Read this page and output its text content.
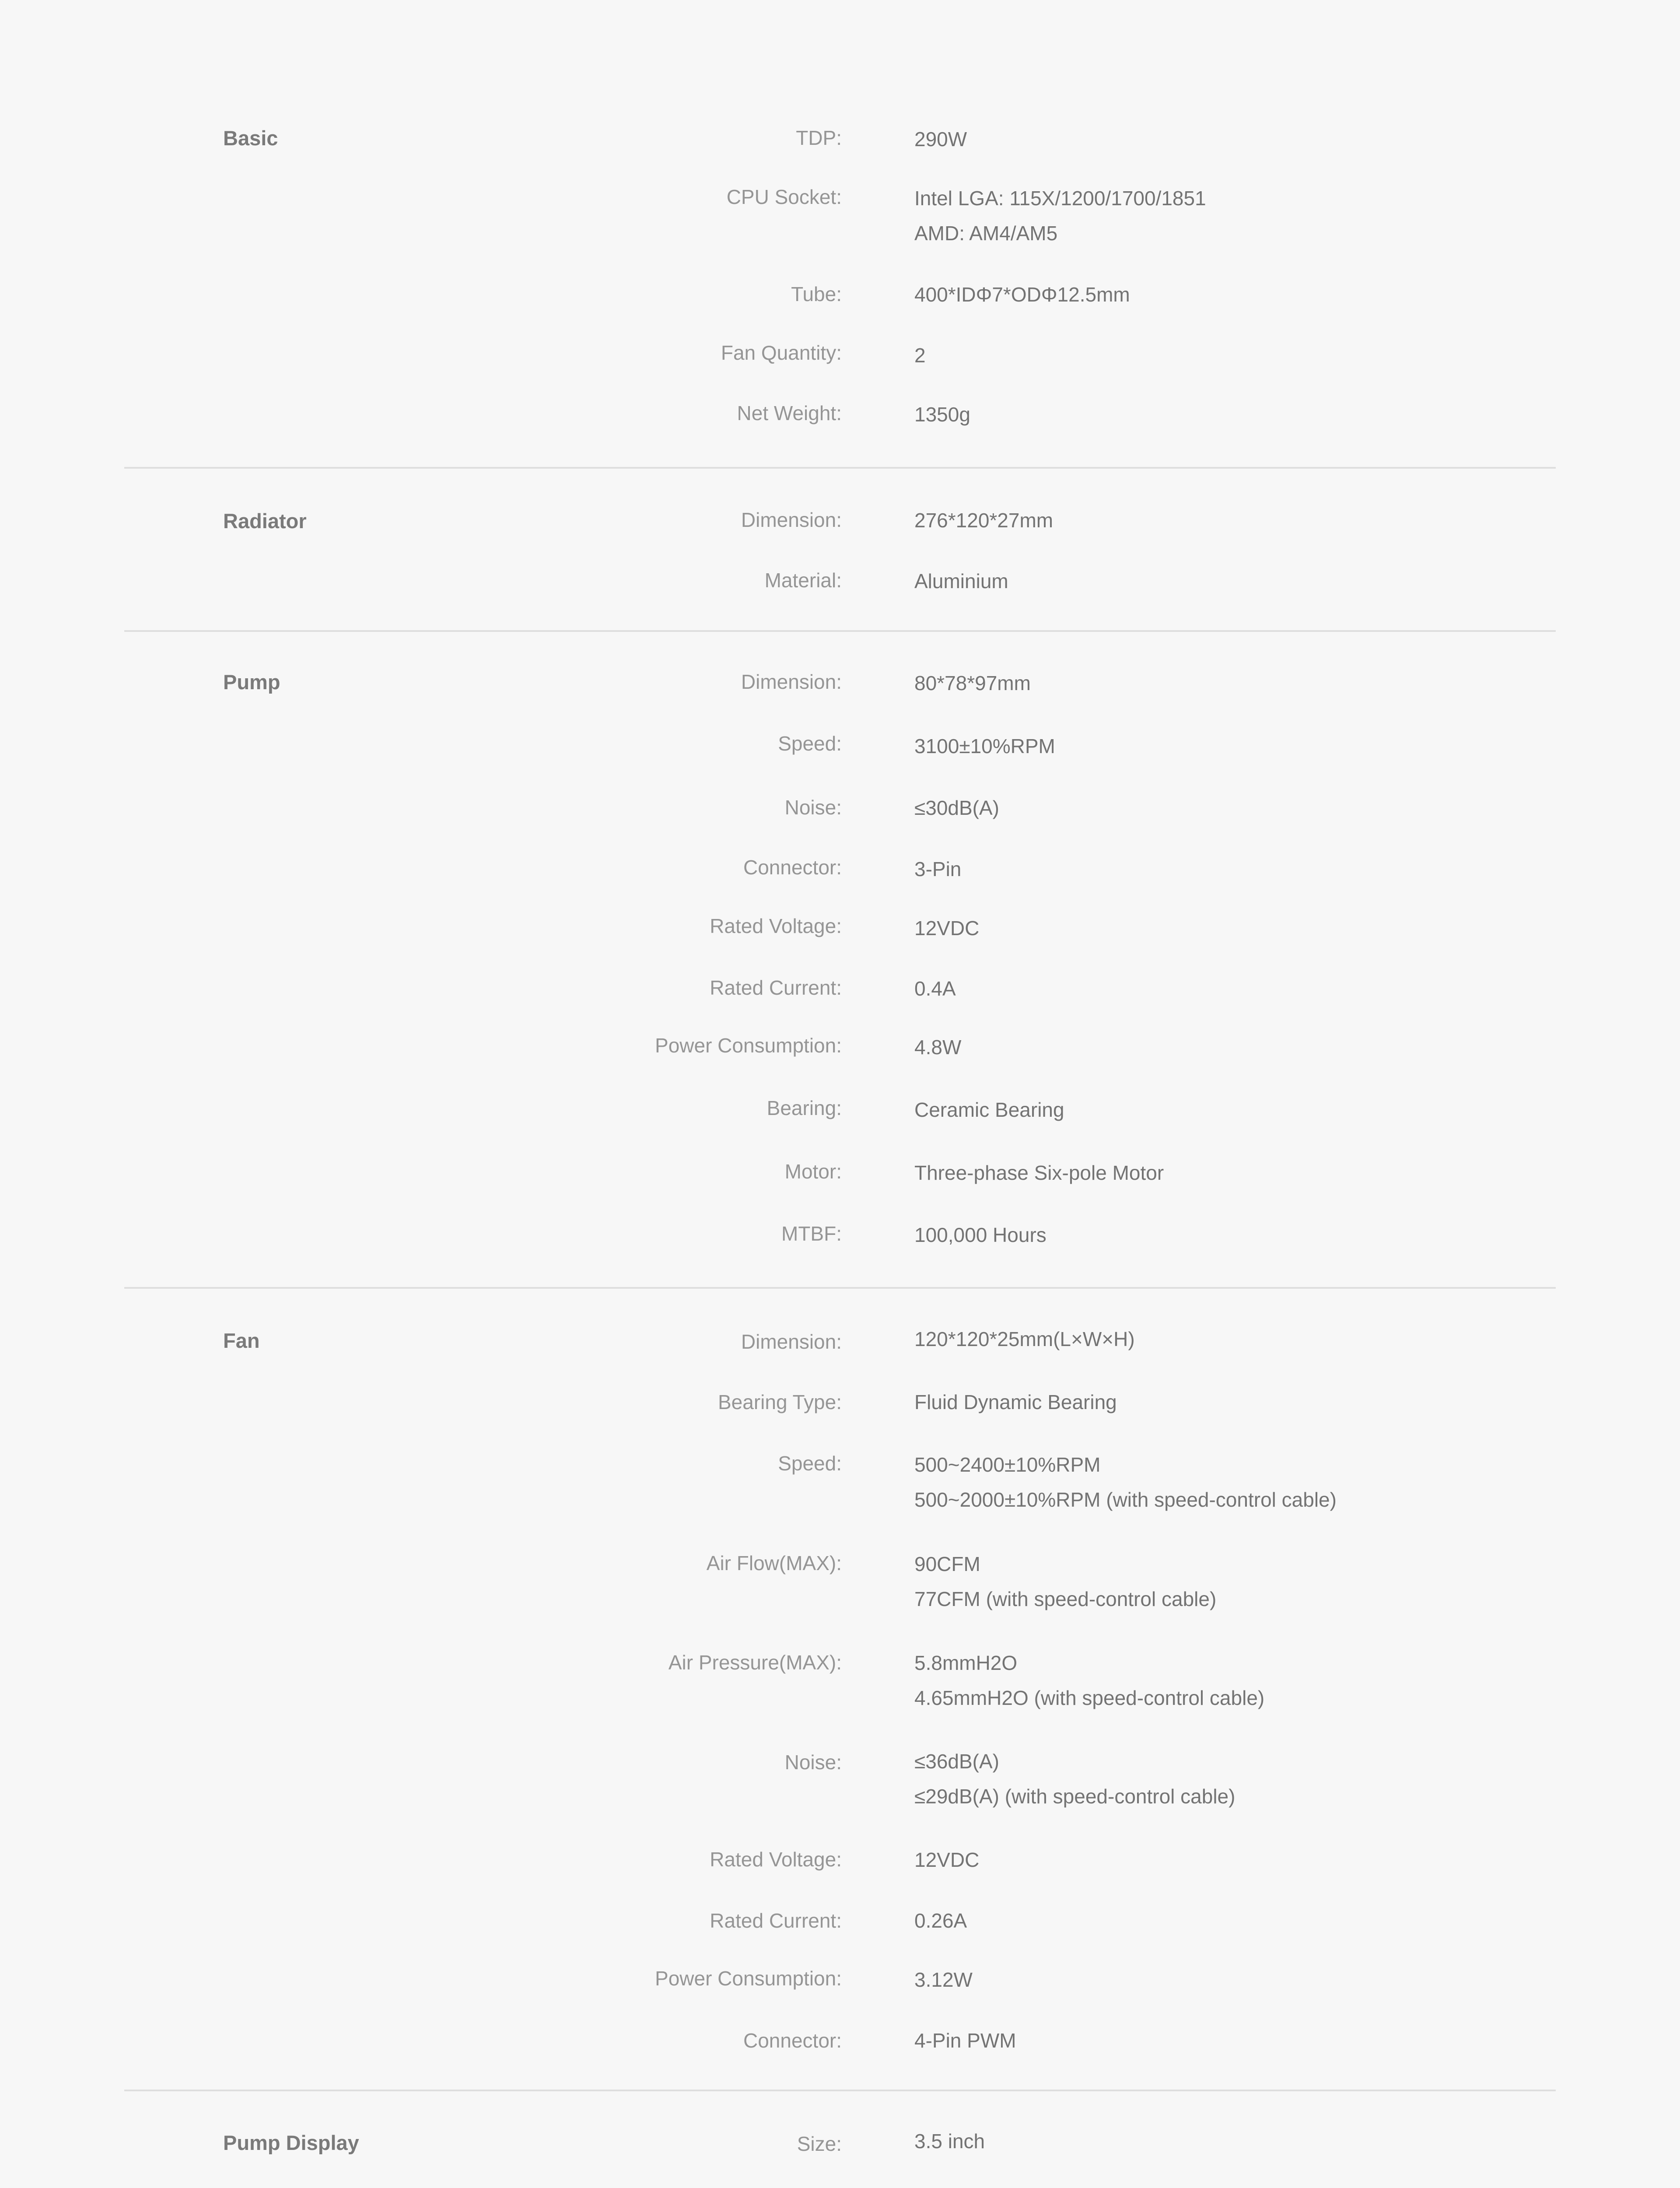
Basic	TDP:	290W
CPU Socket:	Intel LGA: 115X/1200/1700/1851
AMD: AM4/AM5
Tube:	400*IDΦ7*ODΦ12.5mm
Fan Quantity:	2
Net Weight:	1350g
Radiator	Dimension:	276*120*27mm
Material:	Aluminium
Pump	Dimension:	80*78*97mm
Speed:	3100±10%RPM
Noise:	≤30dB(A)
Connector:	3-Pin
Rated Voltage:	12VDC
Rated Current:	0.4A
Power Consumption:	4.8W
Bearing:	Ceramic Bearing
Motor:	Three-phase Six-pole Motor
MTBF:	100,000 Hours
Fan	Dimension:	120*120*25mm(L×W×H)
Bearing Type:	Fluid Dynamic Bearing
Speed:	500~2400±10%RPM
500~2000±10%RPM (with speed-control cable)
Air Flow(MAX):	90CFM
77CFM (with speed-control cable)
Air Pressure(MAX):	5.8mmH2O
4.65mmH2O (with speed-control cable)
Noise:	≤36dB(A)
≤29dB(A) (with speed-control cable)
Rated Voltage:	12VDC
Rated Current:	0.26A
Power Consumption:	3.12W
Connector:	4-Pin PWM
Pump Display	Size:	3.5 inch
